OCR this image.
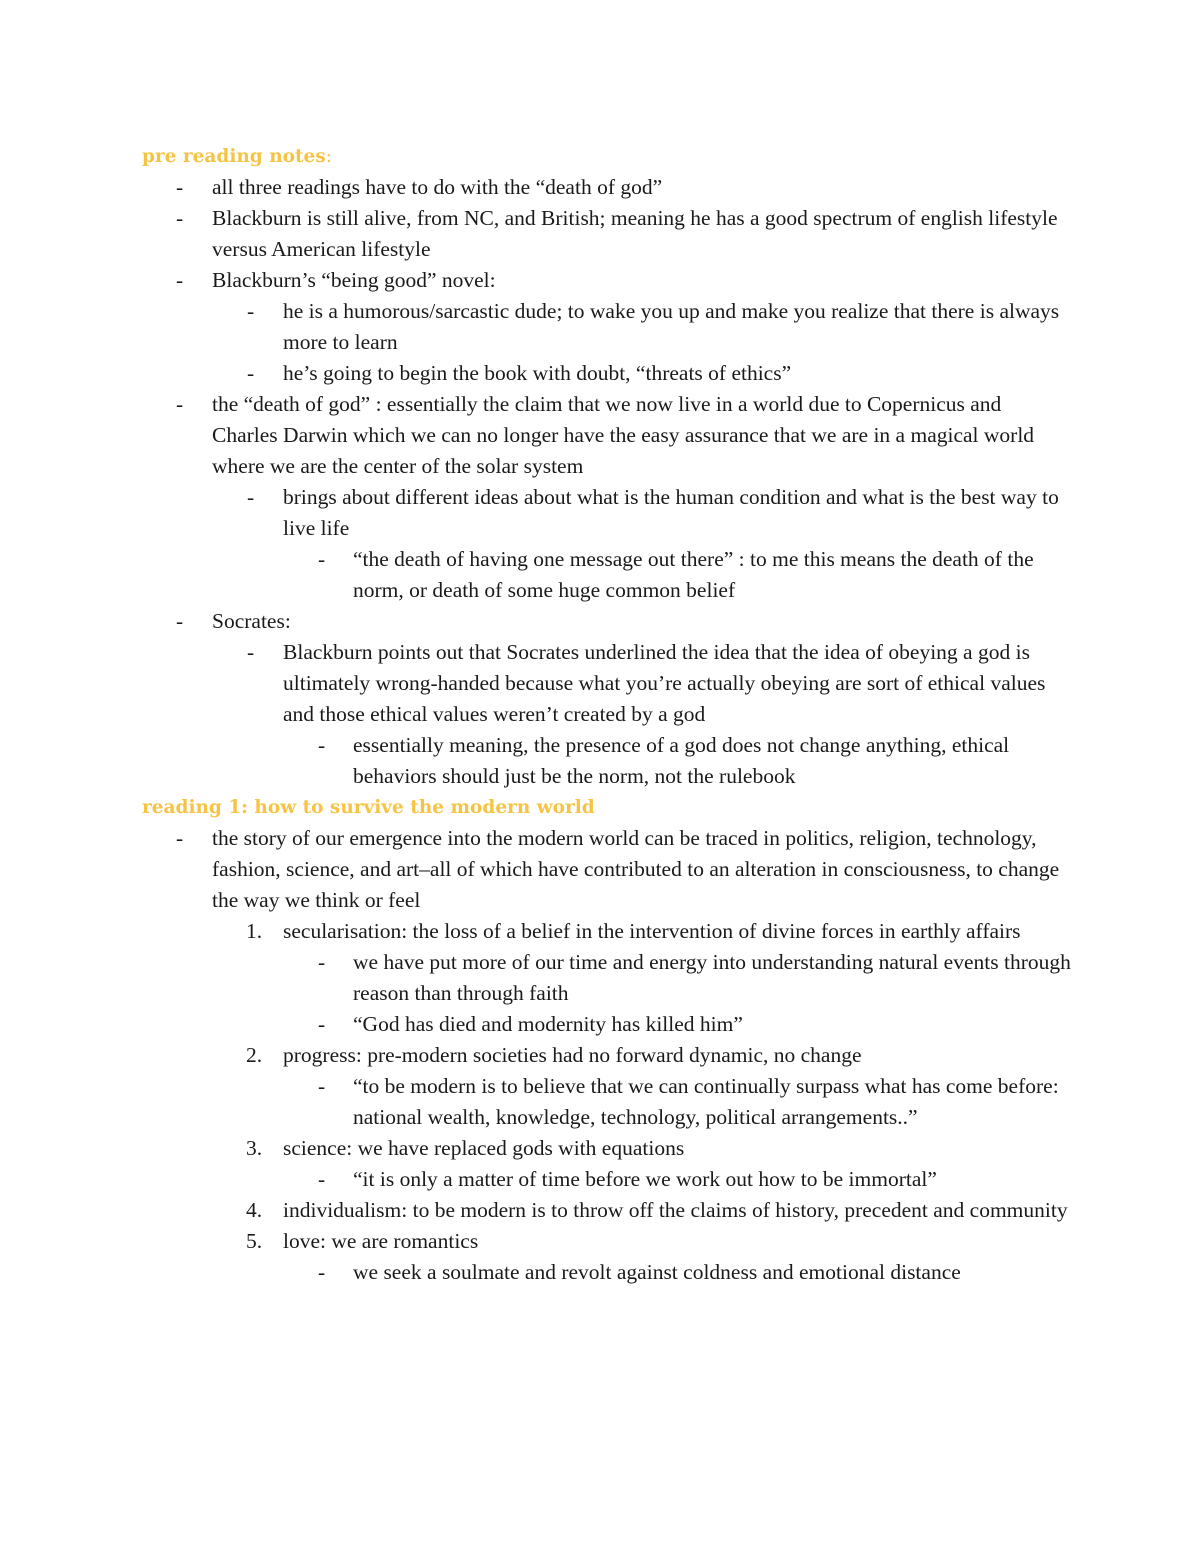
pre reading notes:
- all three readings have to do with the “death of god”
- Blackburn is still alive, from NC, and British; meaning he has a good spectrum of english lifestyle versus American lifestyle
- Blackburn’s “being good” novel:
- he is a humorous/sarcastic dude; to wake you up and make you realize that there is always more to learn
- he’s going to begin the book with doubt, “threats of ethics”
- the “death of god” : essentially the claim that we now live in a world due to Copernicus and Charles Darwin which we can no longer have the easy assurance that we are in a magical world where we are the center of the solar system
- brings about different ideas about what is the human condition and what is the best way to live life
- “the death of having one message out there” : to me this means the death of the norm, or death of some huge common belief
- Socrates:
- Blackburn points out that Socrates underlined the idea that the idea of obeying a god is ultimately wrong-handed because what you’re actually obeying are sort of ethical values and those ethical values weren’t created by a god
- essentially meaning, the presence of a god does not change anything, ethical behaviors should just be the norm, not the rulebook
reading 1: how to survive the modern world
- the story of our emergence into the modern world can be traced in politics, religion, technology, fashion, science, and art–all of which have contributed to an alteration in consciousness, to change the way we think or feel
1. secularisation: the loss of a belief in the intervention of divine forces in earthly affairs
- we have put more of our time and energy into understanding natural events through reason than through faith
- “God has died and modernity has killed him”
2. progress: pre-modern societies had no forward dynamic, no change
- “to be modern is to believe that we can continually surpass what has come before: national wealth, knowledge, technology, political arrangements..”
3. science: we have replaced gods with equations
- “it is only a matter of time before we work out how to be immortal”
4. individualism: to be modern is to throw off the claims of history, precedent and community
5. love: we are romantics
- we seek a soulmate and revolt against coldness and emotional distance
